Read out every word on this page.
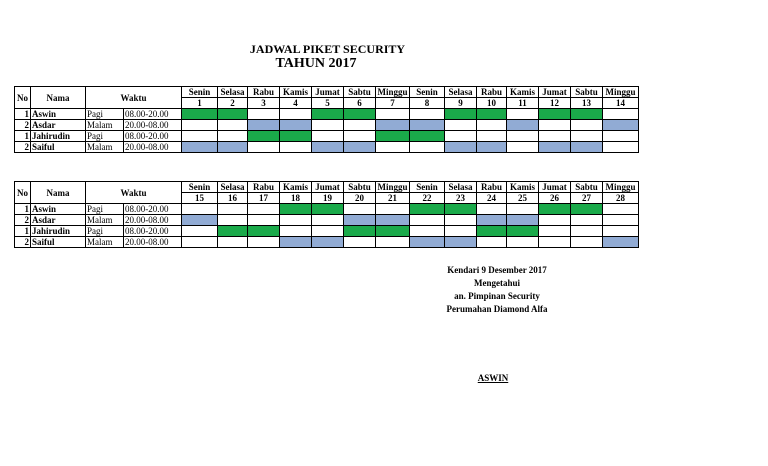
JADWAL PIKET SECURITY
TAHUN 2017
No	Nama	Waktu		Senin	Selasa	Rabu	Kamis	Jumat	Sabtu	Minggu	Senin	Selasa	Rabu	Kamis	Jumat	Sabtu	Minggu
				1	2	3	4	5	6	7	8	9	10	11	12	13	14
1	Aswin	Pagi	08.00-20.00														
2	Asdar	Malam	20.00-08.00														
1	Jahirudin	Pagi	08.00-20.00														
2	Saiful	Malam	20.00-08.00														
No	Nama	Waktu		Senin	Selasa	Rabu	Kamis	Jumat	Sabtu	Minggu	Senin	Selasa	Rabu	Kamis	Jumat	Sabtu	Minggu
				15	16	17	18	19	20	21	22	23	24	25	26	27	28
1	Aswin	Pagi	08.00-20.00														
2	Asdar	Malam	20.00-08.00														
1	Jahirudin	Pagi	08.00-20.00														
2	Saiful	Malam	20.00-08.00														
Kendari 9 Desember 2017
Mengetahui
an. Pimpinan Security
Perumahan Diamond Alfa
ASWIN
